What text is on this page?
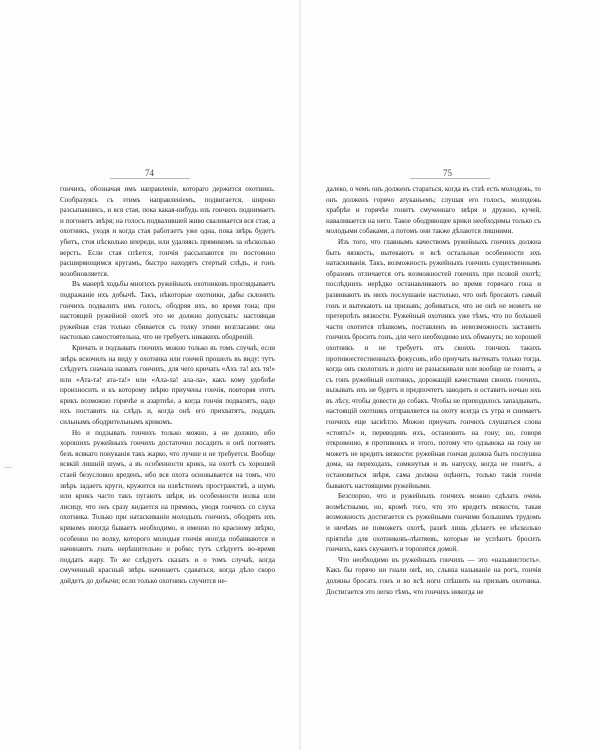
—
74

гончихъ, обозначая имъ направленіе, котораго держится охотникъ. Сообразуясь съ этимъ направленіемъ, подвигается, широко разсыпавшись, и вся стая, пока какая-нибудь изъ гончихъ поднимаетъ и погонитъ звѣря; на голосъ подвалившей живо сваливается вся стая, а охотникъ, уходя и когда стая работаетъ уже одна, пока звѣрь будетъ убитъ, стоя нѣсколько впереди, или удаляясь прямикомъ за нѣсколько верстъ. Если стая спѣется, гончія рассыпаются по постоянно расширяющимся кругамъ, быстро находятъ стертый слѣдъ, и гонъ возобновляется.

Въ манерѣ ходьбы многихъ ружейныхъ охотниковъ проглядываетъ подражаніе ихъ добычѣ. Такъ, нѣкоторые охотники, дабы склонить гончихъ подвалить имъ голосъ, ободряя ихъ, во время гона; при настоящей ружейной охотѣ это не должно допускать: настоящая ружейная стая только сбивается съ толку этими возгласами: она настолько самостоятельна, что не требуетъ никакихъ ободреній.

Кричать и подзывать гончихъ можно только въ томъ случаѣ, если звѣрь вскочилъ на виду у охотника или гончей прошелъ въ виду: тутъ слѣдуетъ сначала назвать гончихъ, для чего кричать «Ахъ та! ахъ тя!» или «Ата-та! ата-та!» или «Ала-ла! ала-ла», какъ кому удобнѣе произносить и къ которому звѣрю приучены гончія, повторяя этотъ крикъ возможно горячѣе и азартнѣе, а когда гончія подвалятъ, надо ихъ поставить на слѣдъ и, когда онѣ его прихватятъ, поддать сильнымъ ободрительнымъ крикомъ.

Но и подзывать гончихъ только можно, а не должно, ибо хорошихъ ружейныхъ гончихъ достаточно посадить и онѣ погонятъ безъ всякаго понуканія такъ жарко, что лучше и не требуется. Вообще всякій лишній шумъ, а въ особенности крикъ, на охотѣ съ хорошей стаей безусловно вреденъ, ибо вся охота основывается на томъ, что звѣрь задаетъ круги, кружится на извѣстномъ пространствѣ, а шумъ или крикъ часто такъ пугаютъ звѣря, въ особенности волка или лисицу, что онъ сразу кидается на прямикъ, уводя гончихъ со слуха охотника. Только при натаскиваніи молодыхъ гончихъ, ободрять ихъ крикомъ иногда бываетъ необходимо, и именно по красному звѣрю, особенно по волку, которого молодыя гончія иногда побаиваются и начинаютъ гнать нерѣшительно и робко; тутъ слѣдуетъ во-время поддать жару. То же слѣдуетъ сказать и о томъ случаѣ, когда смученный красный звѣрь начинаетъ сдаваться, когда дѣло скоро дойдетъ до добычи; если только охотникъ случится не-

75

далеко, о чемъ онъ долженъ стараться, когда въ стаѣ есть молодежь, то онъ долженъ горячо атуканьемъ; слушая его голосъ, молодежь храбрѣе и горячѣе гонитъ смученнаго звѣря и дружно, кучей, наваливается на него. Такое ободряющее крики необходимы только съ молодыми собаками, а потомъ они также дѣлаются лишними.

Изъ того, что главнымъ качествомъ ружейныхъ гончихъ должна быть вязкость, вытекаютъ и всѣ остальныя особенности ихъ натаскиванія. Такъ, возможность ружейныхъ гончихъ существеннымъ образомъ отличается отъ возможностей гончихъ при псовой охотѣ; послѣднихъ нерѣдко останавливаютъ во время горячаго гона и развиваютъ въ нихъ послушаніе настолько, что онѣ бросаютъ самый гонъ и вытекаютъ на призывъ; добиваться, что не онѣ не можетъ не претерпѣть вязкости. Ружейный охотникъ уже тѣмъ, что по большей части охотится пѣшкомъ, поставленъ въ невозможность заставить гончихъ бросить гонъ, для чего необходимо ихъ обмануть; но хорошей охотникъ и не требуетъ отъ своихъ гончихъ такихъ противоестественныхъ фокусовъ, ибо приучать вытекать только тогда, когда онъ сколотилъ и долго не разыскивали или вообще не гонитъ, а съ гонъ ружейный охотникъ, дорожащій качествами своихъ гончихъ, вызывать ихъ не будетъ и предпочтетъ заводить и оставить ночью ихъ въ лѣсу, чтобы довести до собакъ. Чтобы не приходилось запаздывать, настоящій охотникъ отправляется на охоту всегда съ утра и снимаетъ гончихъ еще засвѣтло. Можно приучать гончихъ слушаться слова «стоять!» и, переводивъ ихъ, остановить на гону; но, говоря откровенно, я противникъ и этого, потому что одзывока на гону не можетъ не вредить вязкости: ружейная гончая должна быть послушна дома, на переходахъ, сомкнутыя и въ напуску, когда не гонитъ, а остановиться звѣря, сама должна оцѣнить, только такія гончія бываютъ настоящими ружейными.

Безспорно, что и ружейныхъ гончихъ можно сдѣлать очень возмѣстными, но, кромѣ того, что это вредитъ вязкости, такая возможность достигается съ ружейными гончими большимъ трудомъ и ничѣмъ не поможетъ охотѣ, развѣ лишь дѣлаетъ ее нѣсколько пріятнѣе для охотниковъ-лѣнтяевъ, которые не успѣютъ бросить гончихъ, какъ скучаютъ и торопятся домой.

Что необходимо въ ружейныхъ гончихъ — это «назывистость». Какъ бы горячо ни гнали онѣ, но, слыша называніе на рогъ, гончія должны бросать гонъ и во всѣ ноги спѣшить на призывъ охотника. Достигается это легко тѣмъ, что гончихъ никогда не
